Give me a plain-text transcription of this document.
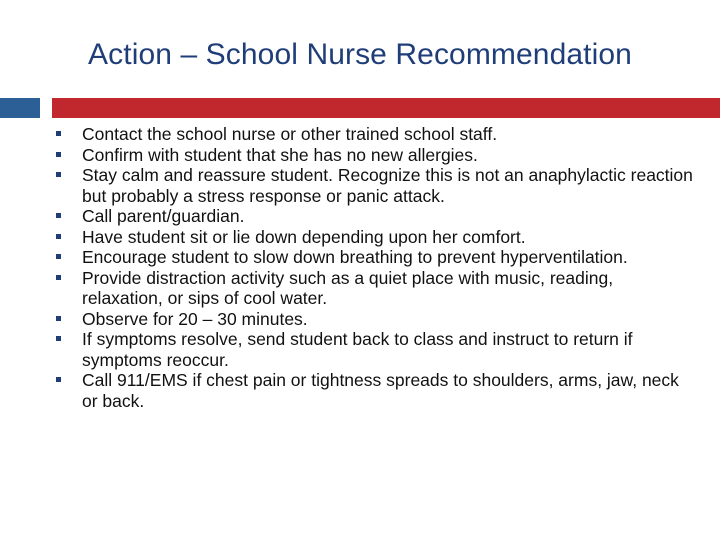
Action – School Nurse Recommendation
Contact the school nurse or other trained school staff.
Confirm with student that she has no new allergies.
Stay calm and reassure student. Recognize this is not an anaphylactic reaction but probably a stress response or panic attack.
Call parent/guardian.
Have student sit or lie down depending upon her comfort.
Encourage student to slow down breathing to prevent hyperventilation.
Provide distraction activity such as a quiet place with music, reading, relaxation, or sips of cool water.
Observe for 20 – 30 minutes.
If symptoms resolve, send student back to class and instruct to return if symptoms reoccur.
Call 911/EMS if chest pain or tightness spreads to shoulders, arms, jaw, neck or back.
